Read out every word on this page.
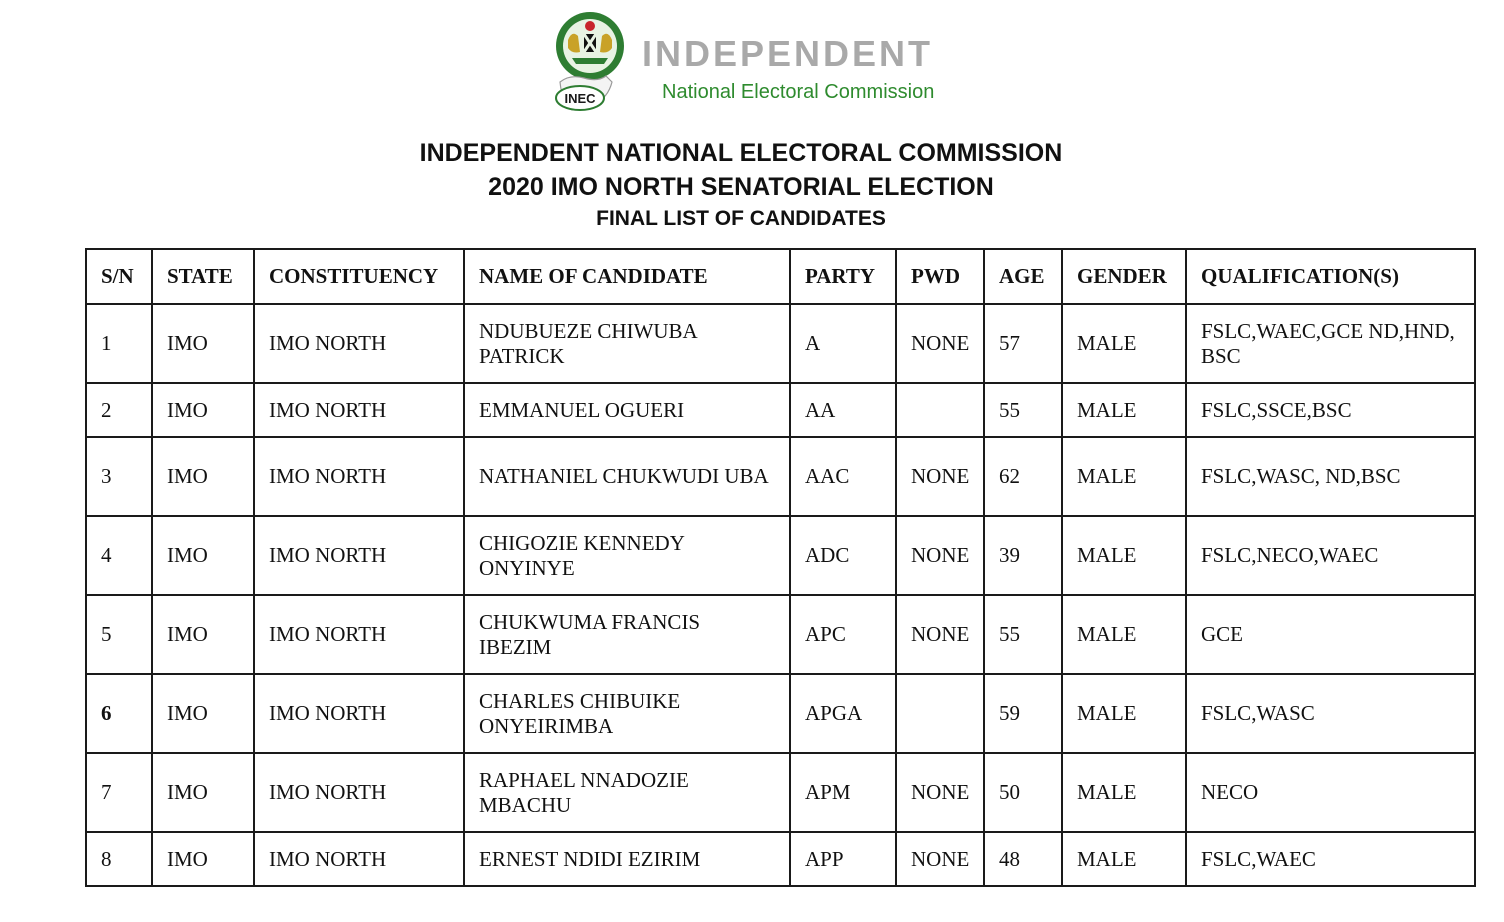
INEC
INDEPENDENT
National Electoral Commission
INDEPENDENT NATIONAL ELECTORAL COMMISSION
2020 IMO NORTH SENATORIAL ELECTION
FINAL LIST OF CANDIDATES
S/N	STATE	CONSTITUENCY	NAME OF CANDIDATE	PARTY	PWD	AGE	GENDER	QUALIFICATION(S)
1	IMO	IMO NORTH	NDUBUEZE CHIWUBA PATRICK	A	NONE	57	MALE	FSLC,WAEC,GCE ND,HND, BSC
2	IMO	IMO NORTH	EMMANUEL OGUERI	AA		55	MALE	FSLC,SSCE,BSC
3	IMO	IMO NORTH	NATHANIEL CHUKWUDI UBA	AAC	NONE	62	MALE	FSLC,WASC, ND,BSC
4	IMO	IMO NORTH	CHIGOZIE KENNEDY ONYINYE	ADC	NONE	39	MALE	FSLC,NECO,WAEC
5	IMO	IMO NORTH	CHUKWUMA FRANCIS IBEZIM	APC	NONE	55	MALE	GCE
6	IMO	IMO NORTH	CHARLES CHIBUIKE ONYEIRIMBA	APGA		59	MALE	FSLC,WASC
7	IMO	IMO NORTH	RAPHAEL NNADOZIE MBACHU	APM	NONE	50	MALE	NECO
8	IMO	IMO NORTH	ERNEST NDIDI EZIRIM	APP	NONE	48	MALE	FSLC,WAEC
